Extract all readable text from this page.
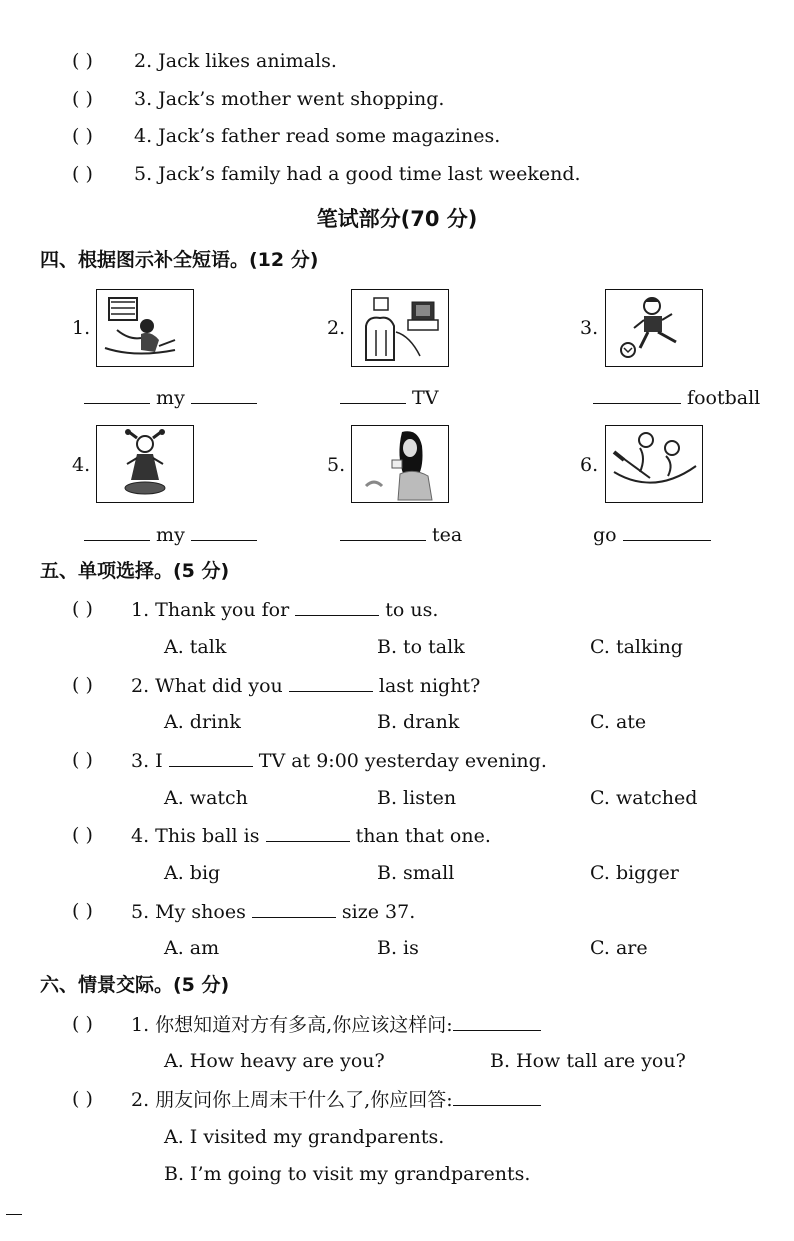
( ) 2. Jack likes animals.
( ) 3. Jack’s mother went shopping.
( ) 4. Jack’s father read some magazines.
( ) 5. Jack’s family had a good time last weekend.
笔试部分(70 分)
四、根据图示补全短语。(12 分)
1.	2.	3.
my	TV	football
4.	5.	6.
my	tea	go
五、单项选择。(5 分)
( ) 1. Thank you for	to us.
A. talk	B. to talk	C. talking
( ) 2. What did you	last night?
A. drink	B. drank	C. ate
( ) 3. I	TV at 9:00 yesterday evening.
A. watch	B. listen	C. watched
( ) 4. This ball is	than that one.
A. big	B. small	C. bigger
( ) 5. My shoes	size 37.
A. am	B. is	C. are
六、情景交际。(5 分)
( ) 1. 你想知道对方有多高,你应该这样问:
A. How heavy are you?	B. How tall are you?
( ) 2. 朋友问你上周末干什么了,你应回答:
A. I visited my grandparents.
B. I’m going to visit my grandparents.
